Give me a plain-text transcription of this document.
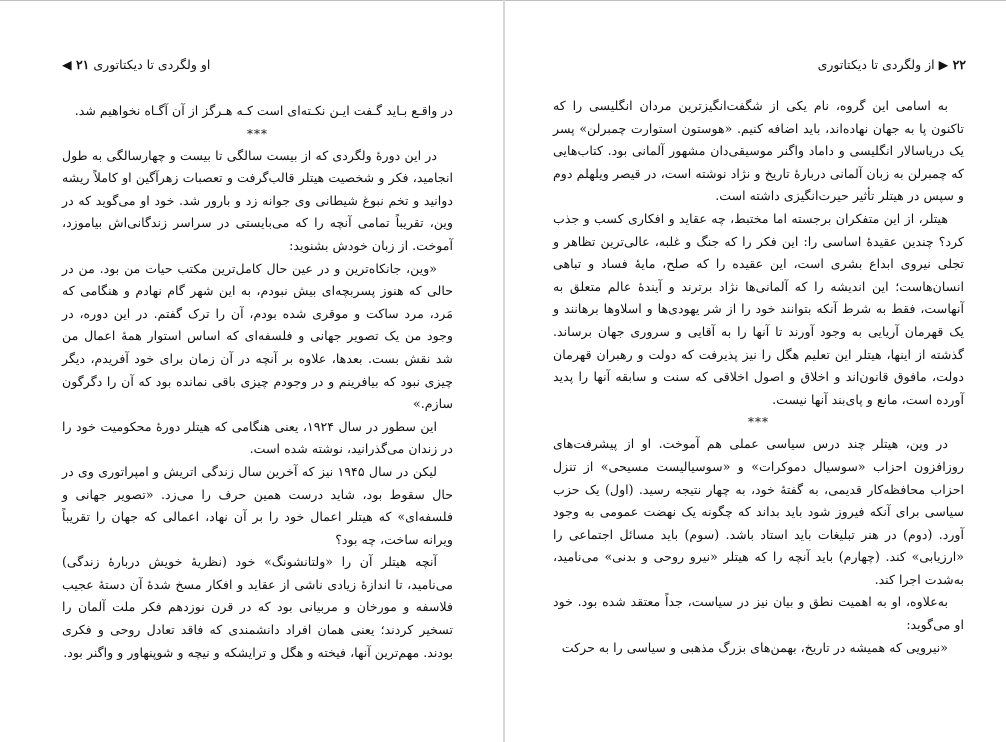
او ولگردی تا دیکتاتوری ۲۱ ◀

در واقـع بـاید گـفت ایـن نکـته‌ای است کـه هـرگز از آن آگـاه نخواهیم شد.

***

در این دورهٔ ولگردی که از بیست سالگی تا بیست و چهارسالگی به طول انجامید، فکر و شخصیت هیتلر قالب‌گرفت و تعصبات زهرآگین او کاملاً ریشه دوانید و تخم نبوغ شیطانی وی جوانه زد و بارور شد. خود او می‌گوید که در وین، تقریباً تمامی آنچه را که می‌بایستی در سراسر زندگانی‌اش بیاموزد، آموخت. از زبان خودش بشنوید:

«وین، جانکاه‌ترین و در عین حال کامل‌ترین مکتب حیات من بود. من در حالی که هنوز پسربچه‌ای بیش نبودم، به این شهر گام نهادم و هنگامی که مَرد، مرد ساکت و موقری شده بودم، آن را ترک گفتم. در این دوره، در وجود من یک تصویر جهانی و فلسفه‌ای که اساس استوار همهٔ اعمال من شد نقش بست. بعدها، علاوه بر آنچه در آن زمان برای خود آفریدم، دیگر چیزی نبود که بیافرینم و در وجودم چیزی باقی نمانده بود که آن را دگرگون سازم.»

این سطور در سال ۱۹۲۴، یعنی هنگامی که هیتلر دورهٔ محکومیت خود را در زندان می‌گذرانید، نوشته شده است.

لیکن در سال ۱۹۴۵ نیز که آخرین سال زندگی اتریش و امپراتوری وی در حال سقوط بود، شاید درست همین حرف را می‌زد. «تصویر جهانی و فلسفه‌ای» که هیتلر اعمال خود را بر آن نهاد، اعمالی که جهان را تقریباً ویرانه ساخت، چه بود؟

آنچه هیتلر آن را «ولتانشونگ» خود (نظریهٔ خویش دربارهٔ زندگی) می‌نامید، تا اندازهٔ زیادی ناشی از عقاید و افکار مسخ شدهٔ آن دستهٔ عجیب فلاسفه و مورخان و مربیانی بود که در قرن نوزدهم فکر ملت آلمان را تسخیر کردند؛ یعنی همان افراد دانشمندی که فاقد تعادل روحی و فکری بودند. مهم‌ترین آنها، فیخته و هگل و ترایشکه و نیچه و شوپنهاور و واگنر بود.

۲۲ ▶ از ولگردی تا دیکتاتوری

به اسامی این گروه، نام یکی از شگفت‌انگیزترین مردان انگلیسی را که تاکنون پا به جهان نهاده‌اند، باید اضافه کنیم. «هوستون استوارت چمبرلن» پسر یک دریاسالار انگلیسی و داماد واگنر موسیقی‌دان مشهور آلمانی بود. کتاب‌هایی که چمبرلن به زبان آلمانی دربارهٔ تاریخ و نژاد نوشته است، در قیصر ویلهلم دوم و سپس در هیتلر تأثیر حیرت‌انگیزی داشته است.

هیتلر، از این متفکران برجسته اما مختبط، چه عقاید و افکاری کسب و جذب کرد؟ چندین عقیدهٔ اساسی را: این فکر را که جنگ و غلبه، عالی‌ترین تظاهر و تجلی نیروی ابداع بشری است، این عقیده را که صلح، مایهٔ فساد و تباهی انسان‌هاست؛ این اندیشه را که آلمانی‌ها نژاد برترند و آیندهٔ عالم متعلق به آنهاست، فقط به شرط آنکه بتوانند خود را از شر یهودی‌ها و اسلاوها برهانند و یک قهرمان آریایی به وجود آورند تا آنها را به آقایی و سروری جهان برساند. گذشته از اینها، هیتلر این تعلیم هگل را نیز پذیرفت که دولت و رهبران قهرمان دولت، مافوق قانون‌اند و اخلاق و اصول اخلاقی که سنت و سابقه آنها را پدید آورده است، مانع و پای‌بند آنها نیست.

***

در وین، هیتلر چند درس سیاسی عملی هم آموخت. او از پیشرفت‌های روزافزون احزاب «سوسیال دموکرات» و «سوسیالیست مسیحی» از تنزل احزاب محافظه‌کار قدیمی، به گفتهٔ خود، به چهار نتیجه رسید. (اول) یک حزب سیاسی برای آنکه فیروز شود باید بداند که چگونه یک نهضت عمومی به وجود آورد. (دوم) در هنر تبلیغات باید استاد باشد. (سوم) باید مسائل اجتماعی را «ارزیابی» کند. (چهارم) باید آنچه را که هیتلر «نیرو روحی و بدنی» می‌نامید، به‌شدت اجرا کند.

به‌علاوه، او به اهمیت نطق و بیان نیز در سیاست، جداً معتقد شده بود. خود او می‌گوید:

«نیرویی که همیشه در تاریخ، بهمن‌های بزرگ مذهبی و سیاسی را به حرکت
